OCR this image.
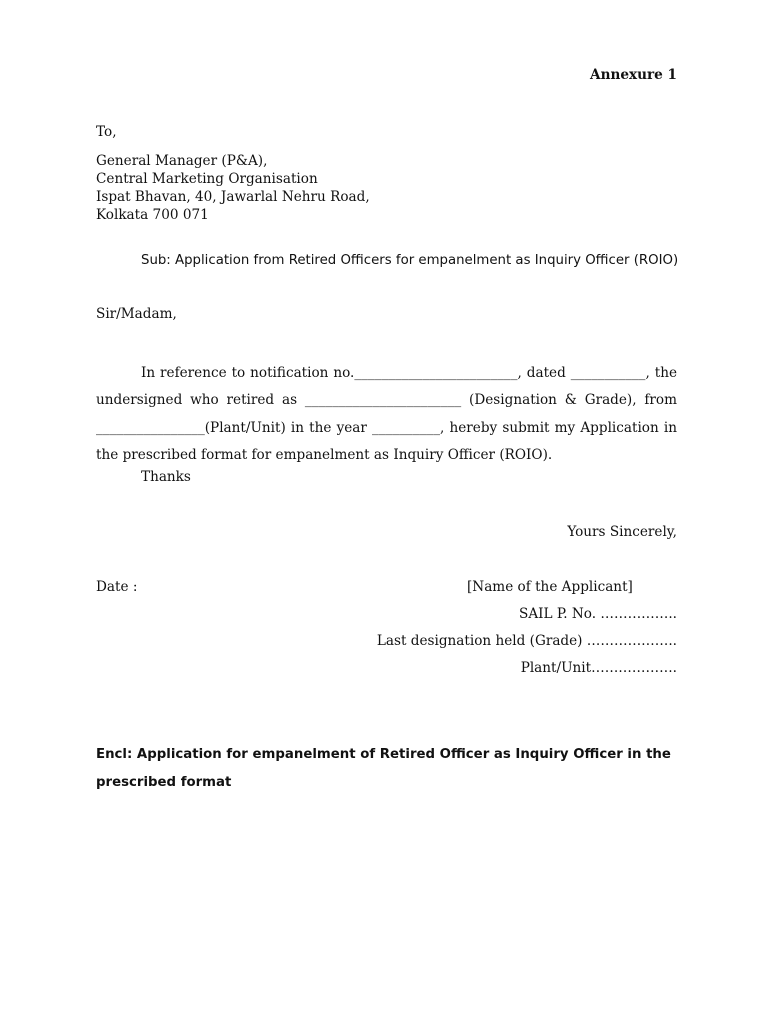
Annexure 1
To,
General Manager (P&A),
Central Marketing Organisation
Ispat Bhavan, 40, Jawarlal Nehru Road,
Kolkata 700 071
Sub: Application from Retired Officers for empanelment as Inquiry Officer (ROIO)
Sir/Madam,
In reference to notification no.________________________, dated ___________, the undersigned who retired as _______________________ (Designation & Grade), from ________________(Plant/Unit) in the year __________, hereby submit my Application in the prescribed format for empanelment as Inquiry Officer (ROIO).
Thanks
Yours Sincerely,
Date :	[Name of the Applicant]
SAIL P. No. ……………..
Last designation held (Grade) ………………..
Plant/Unit……………….
Encl: Application for empanelment of Retired Officer as Inquiry Officer in the
prescribed format
